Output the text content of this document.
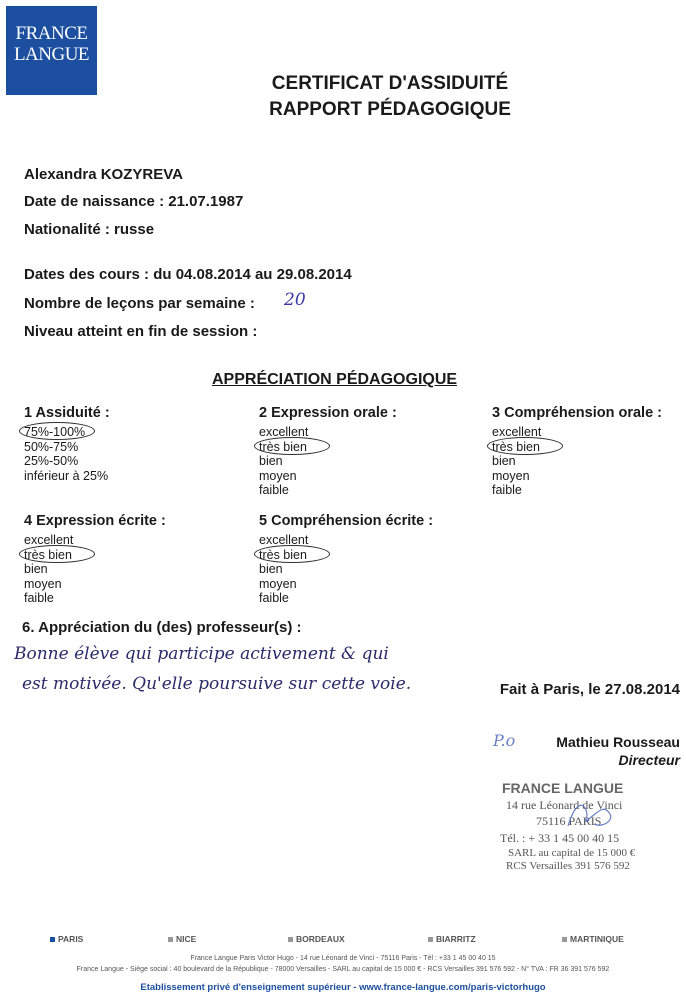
FRANCE
LANGUE
CERTIFICAT D'ASSIDUITÉ
RAPPORT PÉDAGOGIQUE
Alexandra KOZYREVA
Date de naissance : 21.07.1987
Nationalité : russe
Dates des cours : du 04.08.2014 au 29.08.2014
Nombre de leçons par semaine : 20
Niveau atteint en fin de session :
APPRÉCIATION PÉDAGOGIQUE
1 Assiduité :
75%-100%
50%-75%
25%-50%
inférieur à 25%
2 Expression orale :
excellent
très bien
bien
moyen
faible
3 Compréhension orale :
excellent
très bien
bien
moyen
faible
4 Expression écrite :
excellent
très bien
bien
moyen
faible
5 Compréhension écrite :
excellent
très bien
bien
moyen
faible
6. Appréciation du (des) professeur(s) :
Bonne élève qui participe activement & qui
est motivée. Qu'elle poursuive sur cette voie.	Fait à Paris, le 27.08.2014
P.o	Mathieu Rousseau
Directeur
FRANCE LANGUE
14 rue Léonard de Vinci
75116 PARIS
Tél. : + 33 1 45 00 40 15
SARL au capital de 15 000 €
RCS Versailles 391 576 592
PARIS	NICE	BORDEAUX	BIARRITZ	MARTINIQUE
France Langue Paris Victor Hugo - 14 rue Léonard de Vinci - 75116 Paris - Tél : +33 1 45 00 40 15
France Langue - Siège social : 40 boulevard de la République - 78000 Versailles - SARL au capital de 15 000 € - RCS Versailles 391 576 592 - N° TVA : FR 36 391 576 592
Etablissement privé d'enseignement supérieur - www.france-langue.com/paris-victorhugo
